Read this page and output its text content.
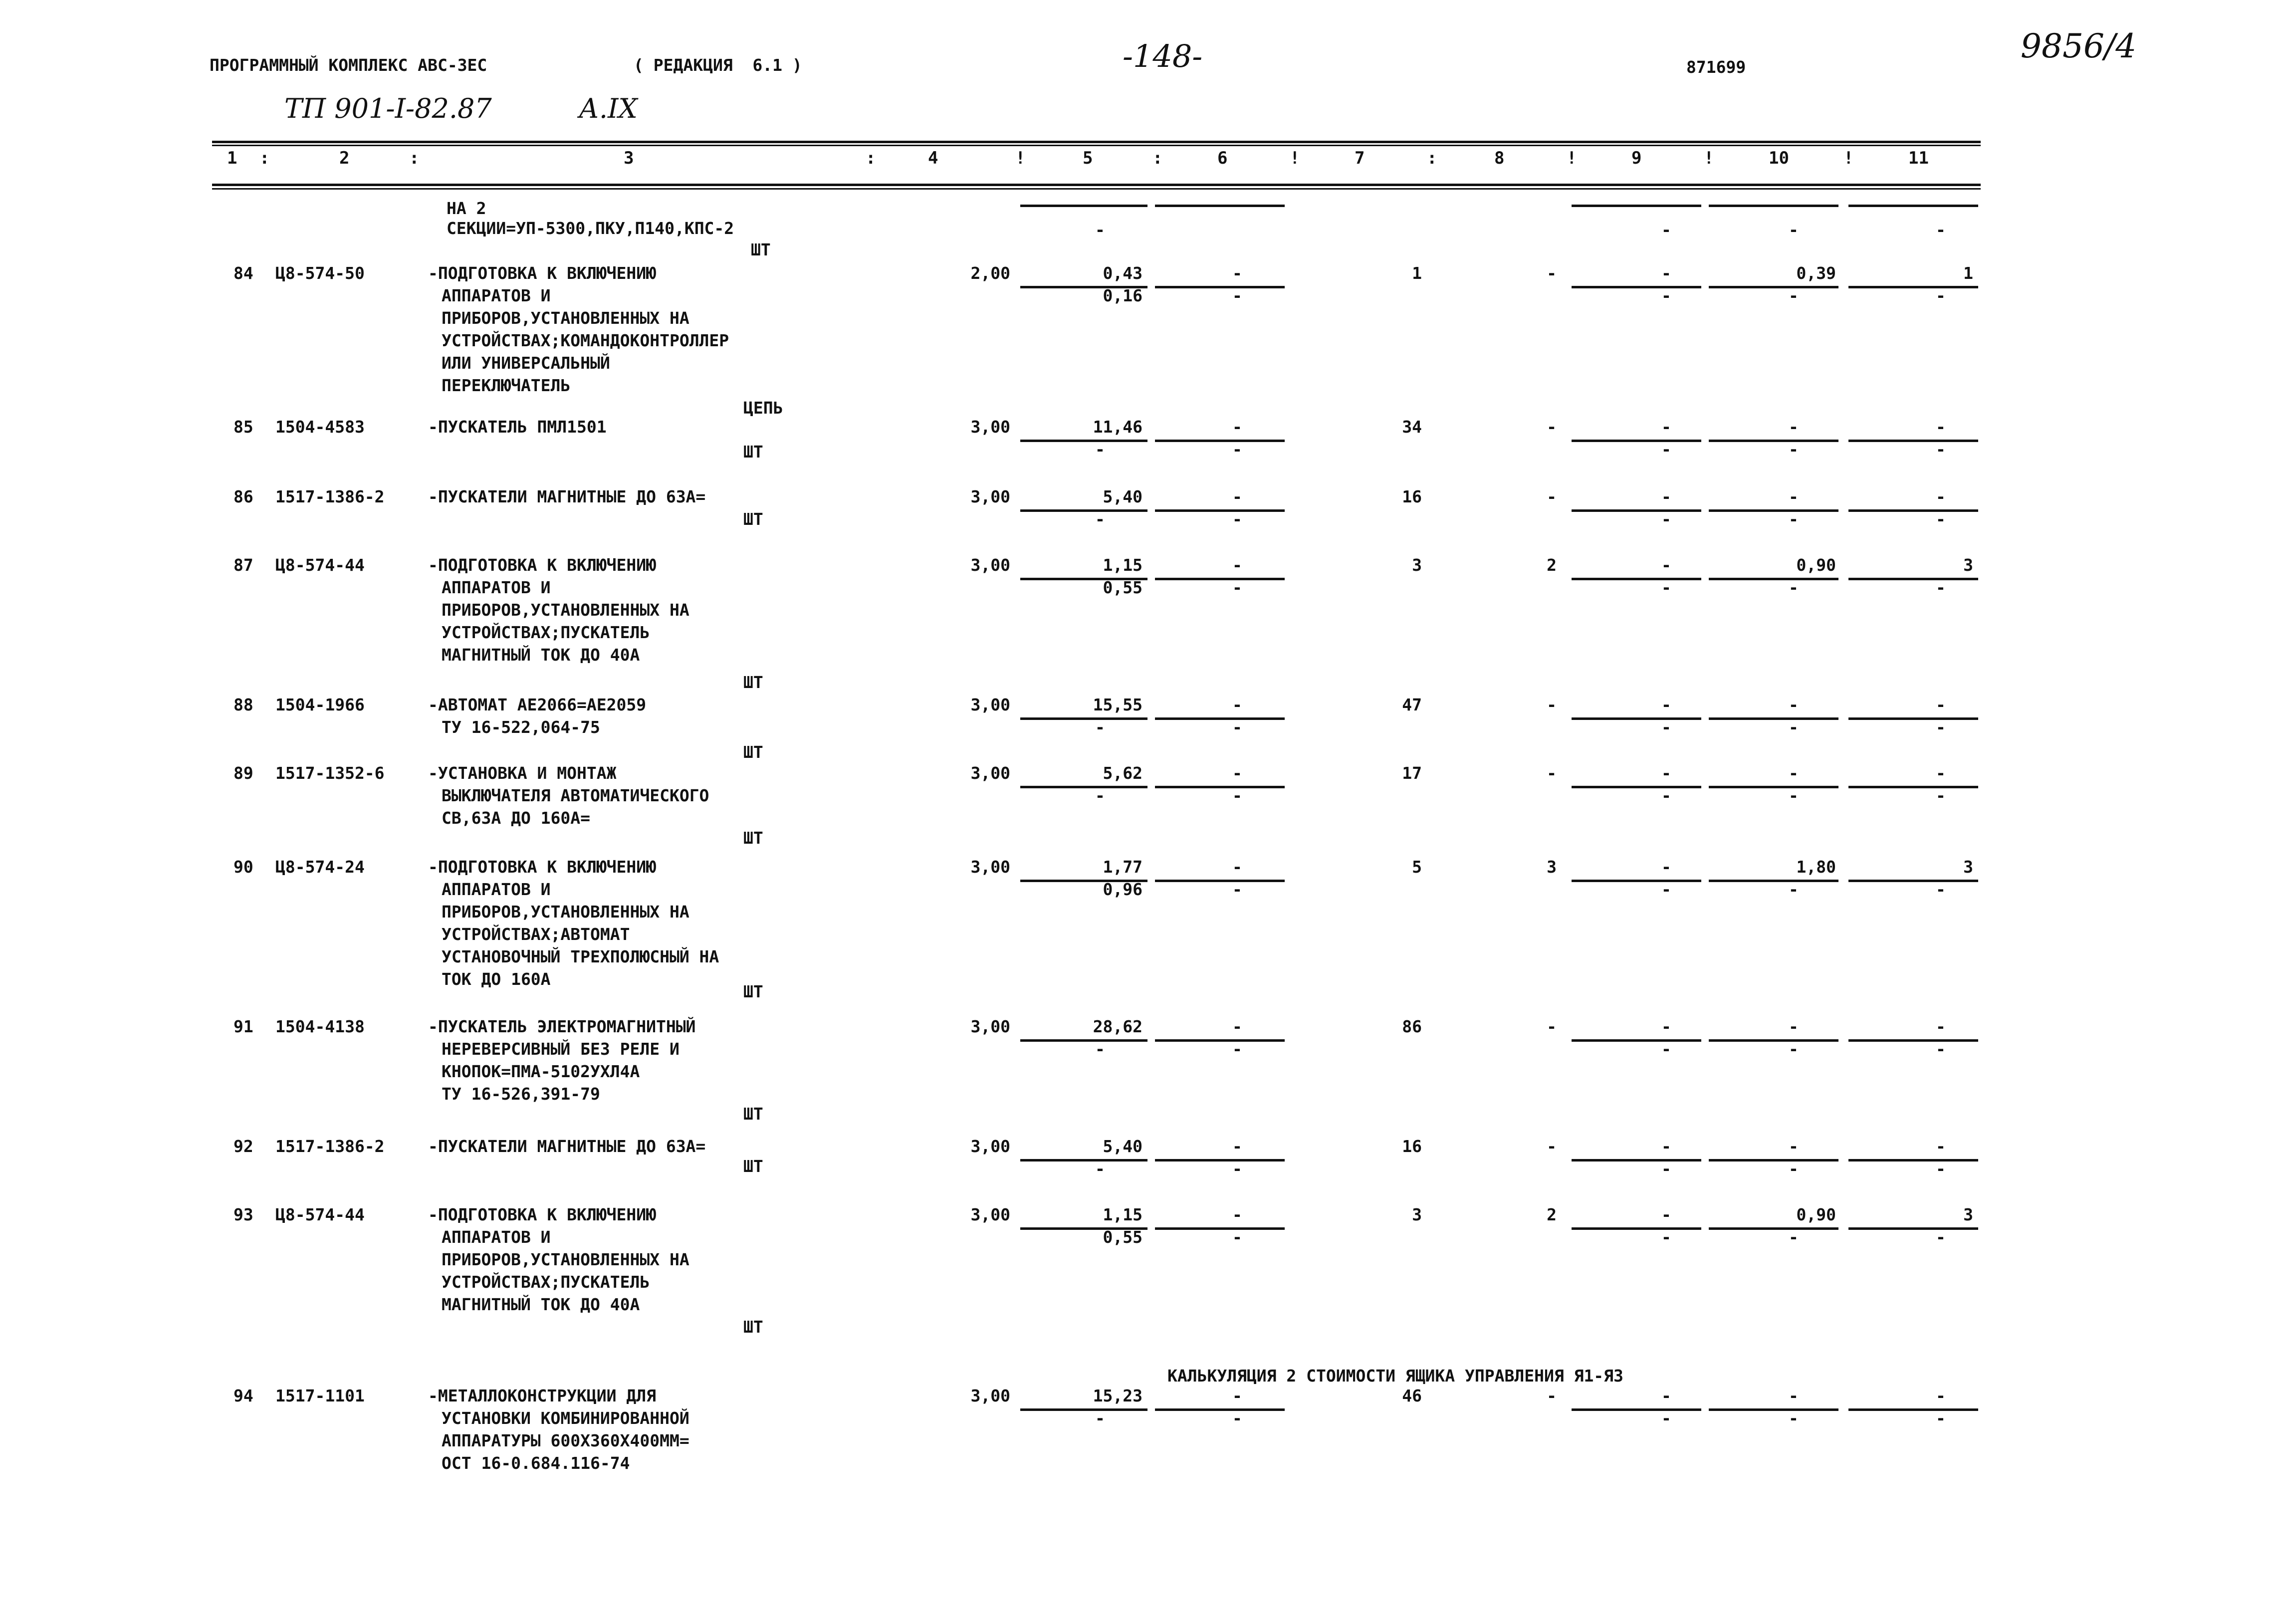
ПРОГРАММНЫЙ КОМПЛЕКС АВС-ЗЕС	( РЕДАКЦИЯ  6.1 )	-148-	871699
9856/4
ТП 901-I-82.87	А.IХ
1	2	3	4	5	6	7	8	9	10	11
:	:	:	!	:	!	:	!	!	!
НА 2
СЕКЦИИ=УП-5300,ПКУ,П140,КПС-2
ШТ
КАЛЬКУЛЯЦИЯ 2 СТОИМОСТИ ЯЩИКА УПРАВЛЕНИЯ Я1-Я3
-	-	-	-
84 Ц8-574-50	-ПОДГОТОВКА К ВКЛЮЧЕНИЮ
АППАРАТОВ И
ПРИБОРОВ,УСТАНОВЛЕННЫХ НА
УСТРОЙСТВАХ;КОМАНДОКОНТРОЛЛЕР
ИЛИ УНИВЕРСАЛЬНЫЙ
ПЕРЕКЛЮЧАТЕЛЬ
ЦЕПЬ
2,00	0,43	-	1	-	-	0,39	1
0,16	-	-	-	-
85 1504-4583	-ПУСКАТЕЛЬ ПМЛ1501
ШТ
3,00	11,46	-	34	-	-	-	-
-	-	-	-	-
86 1517-1386-2	-ПУСКАТЕЛИ МАГНИТНЫЕ ДО 63А=
ШТ
3,00	5,40	-	16	-	-	-	-
-	-	-	-	-
87 Ц8-574-44	-ПОДГОТОВКА К ВКЛЮЧЕНИЮ
АППАРАТОВ И
ПРИБОРОВ,УСТАНОВЛЕННЫХ НА
УСТРОЙСТВАХ;ПУСКАТЕЛЬ
МАГНИТНЫЙ ТОК ДО 40А
ШТ
3,00	1,15	-	3	2	-	0,90	3
0,55	-	-	-	-
88 1504-1966	-АВТОМАТ АЕ2066=АЕ2059
ТУ 16-522,064-75
ШТ
3,00	15,55	-	47	-	-	-	-
-	-	-	-	-
89 1517-1352-6	-УСТАНОВКА И МОНТАЖ
ВЫКЛЮЧАТЕЛЯ АВТОМАТИЧЕСКОГО
СВ,63А ДО 160А=
ШТ
3,00	5,62	-	17	-	-	-	-
-	-	-	-	-
90 Ц8-574-24	-ПОДГОТОВКА К ВКЛЮЧЕНИЮ
АППАРАТОВ И
ПРИБОРОВ,УСТАНОВЛЕННЫХ НА
УСТРОЙСТВАХ;АВТОМАТ
УСТАНОВОЧНЫЙ ТРЕХПОЛЮСНЫЙ НА
ТОК ДО 160А
ШТ
3,00	1,77	-	5	3	-	1,80	3
0,96	-	-	-	-
91 1504-4138	-ПУСКАТЕЛЬ ЭЛЕКТРОМАГНИТНЫЙ
НЕРЕВЕРСИВНЫЙ БЕЗ РЕЛЕ И
КНОПОК=ПМА-5102УХЛ4А
ТУ 16-526,391-79
ШТ
3,00	28,62	-	86	-	-	-	-
-	-	-	-	-
92 1517-1386-2	-ПУСКАТЕЛИ МАГНИТНЫЕ ДО 63А=
ШТ
3,00	5,40	-	16	-	-	-	-
-	-	-	-	-
93 Ц8-574-44	-ПОДГОТОВКА К ВКЛЮЧЕНИЮ
АППАРАТОВ И
ПРИБОРОВ,УСТАНОВЛЕННЫХ НА
УСТРОЙСТВАХ;ПУСКАТЕЛЬ
МАГНИТНЫЙ ТОК ДО 40А
ШТ
3,00	1,15	-	3	2	-	0,90	3
0,55	-	-	-	-
94 1517-1101	-МЕТАЛЛОКОНСТРУКЦИИ ДЛЯ
УСТАНОВКИ КОМБИНИРОВАННОЙ
АППАРАТУРЫ 600Х360Х400ММ=
ОСТ 16-0.684.116-74
3,00	15,23	-	46	-	-	-	-
-	-	-	-	-
